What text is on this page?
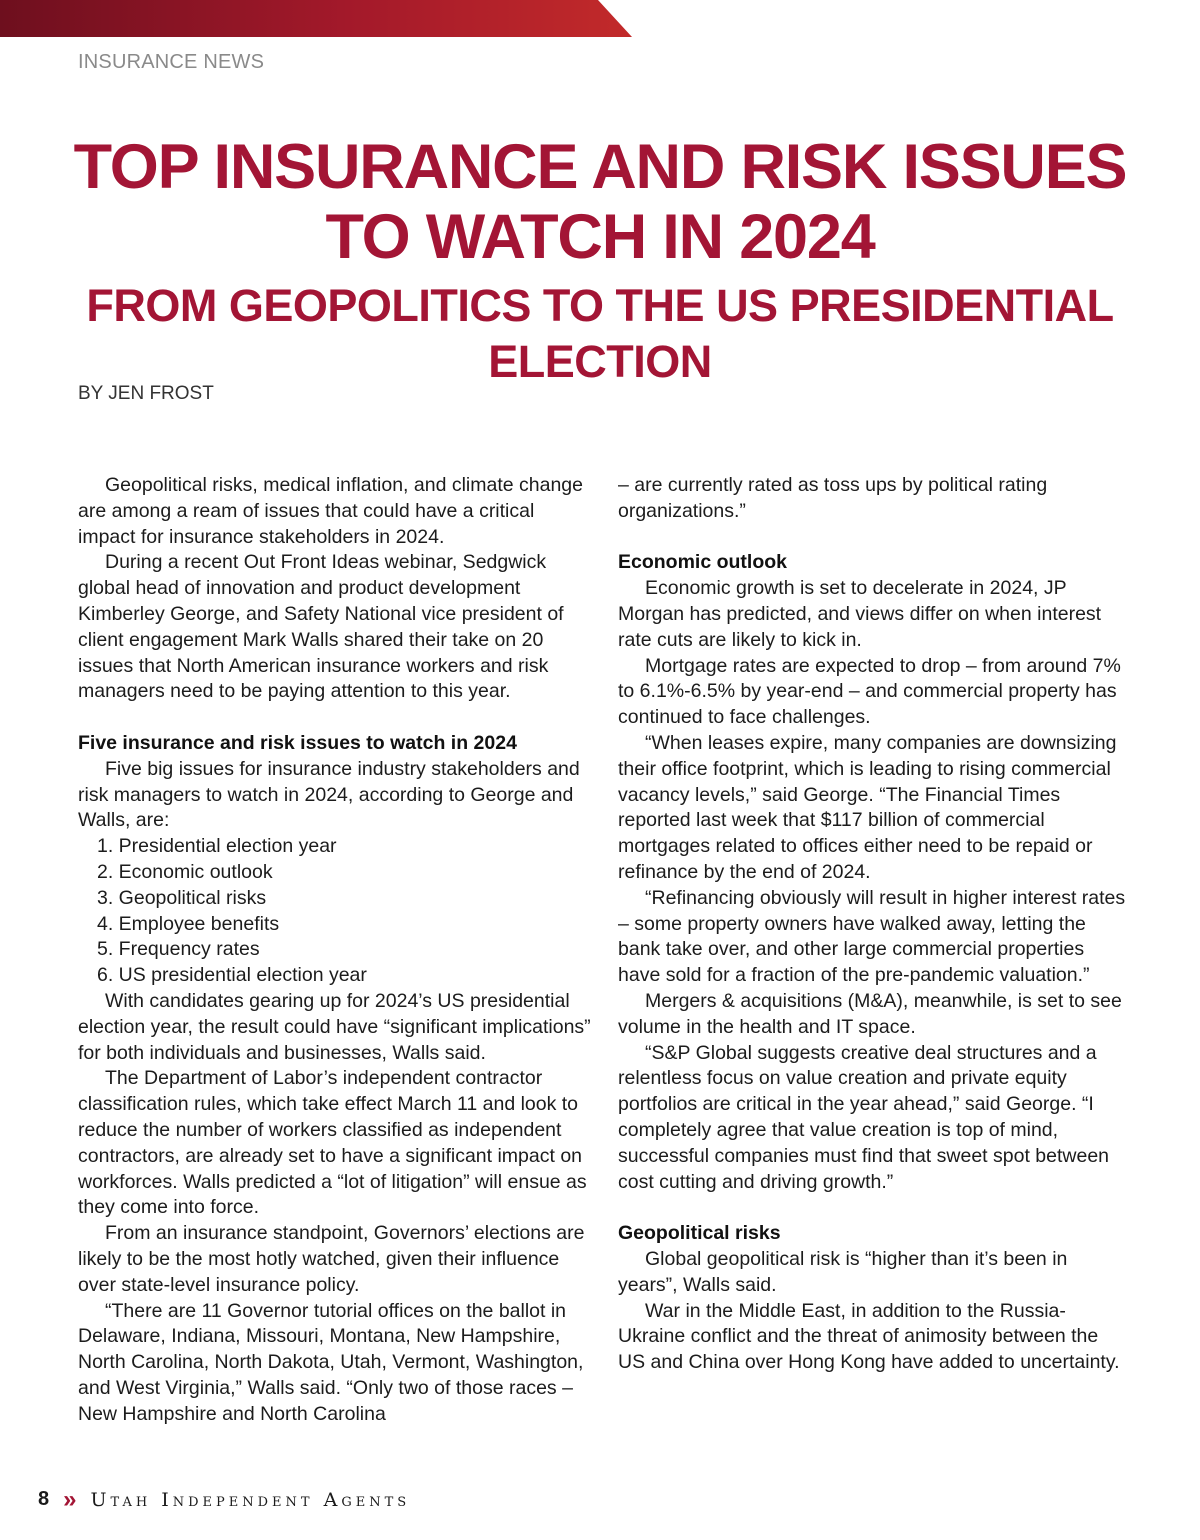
INSURANCE NEWS
TOP INSURANCE AND RISK ISSUES TO WATCH IN 2024
FROM GEOPOLITICS TO THE US PRESIDENTIAL ELECTION
BY JEN FROST

Geopolitical risks, medical inflation, and climate change are among a ream of issues that could have a critical impact for insurance stakeholders in 2024.

During a recent Out Front Ideas webinar, Sedgwick global head of innovation and product development Kimberley George, and Safety National vice president of client engagement Mark Walls shared their take on 20 issues that North American insurance workers and risk managers need to be paying attention to this year.

Five insurance and risk issues to watch in 2024

Five big issues for insurance industry stakeholders and risk managers to watch in 2024, according to George and Walls, are:

1. Presidential election year
2. Economic outlook
3. Geopolitical risks
4. Employee benefits
5. Frequency rates
6. US presidential election year

With candidates gearing up for 2024’s US presidential election year, the result could have “significant implications” for both individuals and businesses, Walls said.

The Department of Labor’s independent contractor classification rules, which take effect March 11 and look to reduce the number of workers classified as independent contractors, are already set to have a significant impact on workforces. Walls predicted a “lot of litigation” will ensue as they come into force.

From an insurance standpoint, Governors’ elections are likely to be the most hotly watched, given their influence over state-level insurance policy.

“There are 11 Governor tutorial offices on the ballot in Delaware, Indiana, Missouri, Montana, New Hampshire, North Carolina, North Dakota, Utah, Vermont, Washington, and West Virginia,” Walls said. “Only two of those races – New Hampshire and North Carolina

– are currently rated as toss ups by political rating organizations.”

Economic outlook

Economic growth is set to decelerate in 2024, JP Morgan has predicted, and views differ on when interest rate cuts are likely to kick in.

Mortgage rates are expected to drop – from around 7% to 6.1%-6.5% by year-end – and commercial property has continued to face challenges.

“When leases expire, many companies are downsizing their office footprint, which is leading to rising commercial vacancy levels,” said George. “The Financial Times reported last week that $117 billion of commercial mortgages related to offices either need to be repaid or refinance by the end of 2024.

“Refinancing obviously will result in higher interest rates – some property owners have walked away, letting the bank take over, and other large commercial properties have sold for a fraction of the pre-pandemic valuation.”

Mergers & acquisitions (M&A), meanwhile, is set to see volume in the health and IT space.

“S&P Global suggests creative deal structures and a relentless focus on value creation and private equity portfolios are critical in the year ahead,” said George. “I completely agree that value creation is top of mind, successful companies must find that sweet spot between cost cutting and driving growth.”

Geopolitical risks

Global geopolitical risk is “higher than it’s been in years”, Walls said.

War in the Middle East, in addition to the Russia-Ukraine conflict and the threat of animosity between the US and China over Hong Kong have added to uncertainty.

8 » Utah Independent Agents
